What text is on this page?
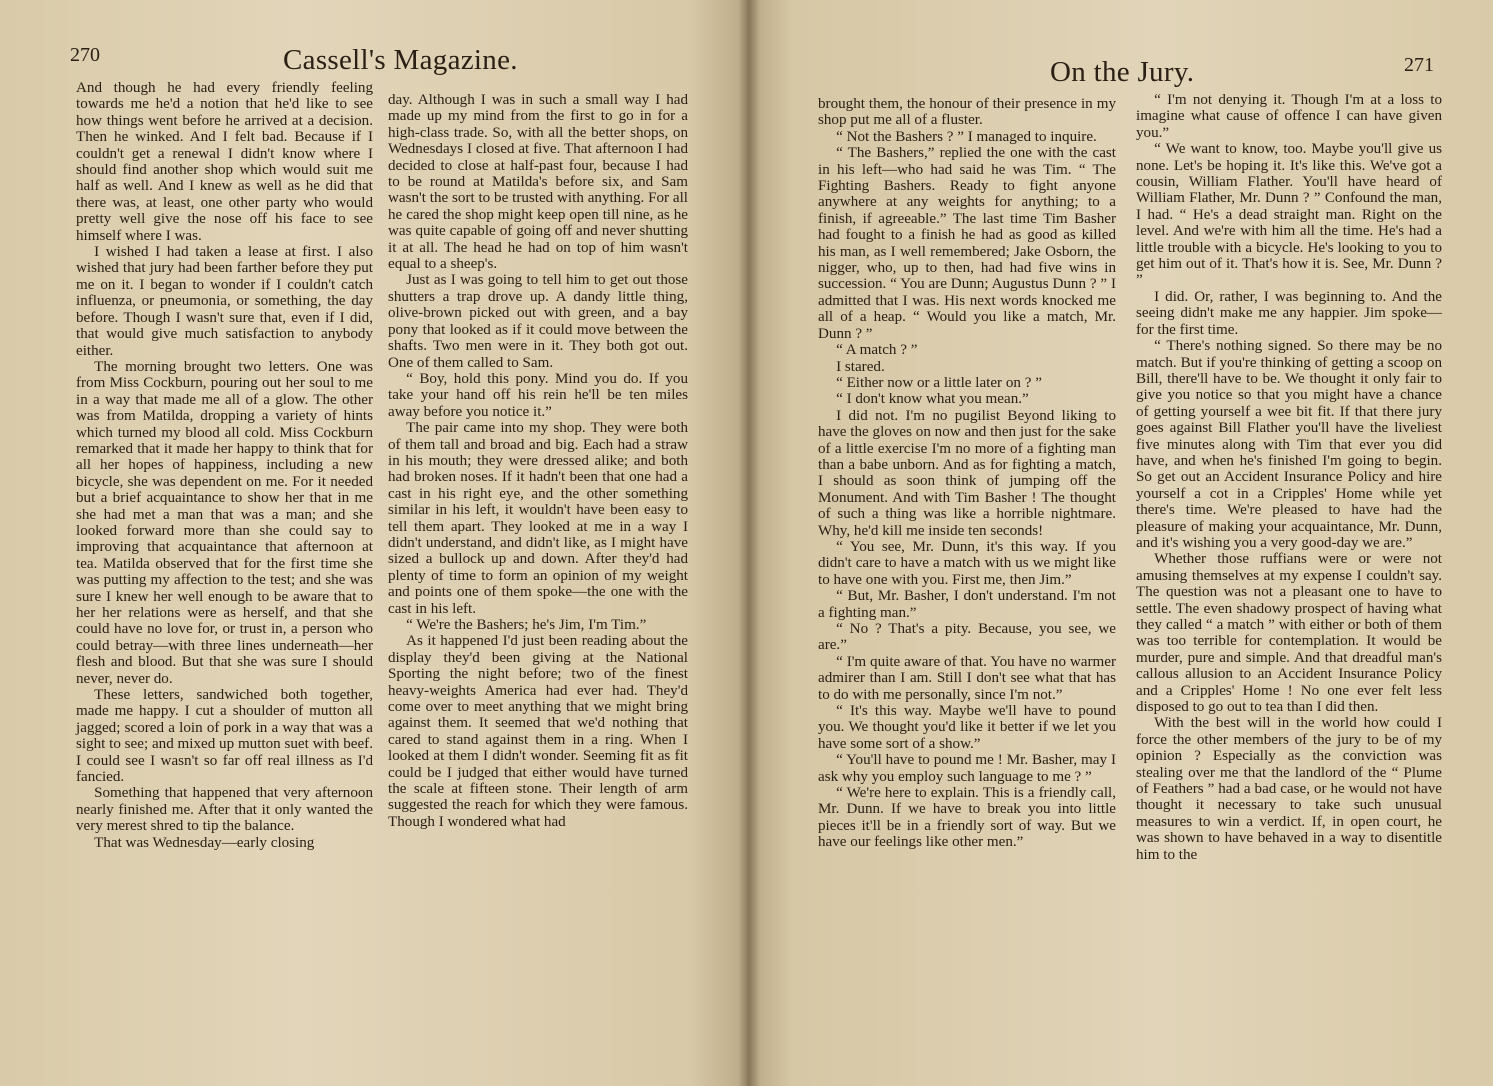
270	Cassell's Magazine.

And though he had every friendly feeling towards me he'd a notion that he'd like to see how things went before he arrived at a decision. Then he winked. And I felt bad. Because if I couldn't get a renewal I didn't know where I should find another shop which would suit me half as well. And I knew as well as he did that there was, at least, one other party who would pretty well give the nose off his face to see himself where I was.

I wished I had taken a lease at first. I also wished that jury had been farther before they put me on it. I began to wonder if I couldn't catch influenza, or pneumonia, or something, the day before. Though I wasn't sure that, even if I did, that would give much satisfaction to anybody either.

The morning brought two letters. One was from Miss Cockburn, pouring out her soul to me in a way that made me all of a glow. The other was from Matilda, dropping a variety of hints which turned my blood all cold. Miss Cockburn remarked that it made her happy to think that for all her hopes of happiness, including a new bicycle, she was dependent on me. For it needed but a brief acquaintance to show her that in me she had met a man that was a man; and she looked forward more than she could say to improving that acquaintance that afternoon at tea. Matilda observed that for the first time she was putting my affection to the test; and she was sure I knew her well enough to be aware that to her her relations were as herself, and that she could have no love for, or trust in, a person who could betray—with three lines underneath—her flesh and blood. But that she was sure I should never, never do.

These letters, sandwiched both together, made me happy. I cut a shoulder of mutton all jagged; scored a loin of pork in a way that was a sight to see; and mixed up mutton suet with beef. I could see I wasn't so far off real illness as I'd fancied.

Something that happened that very afternoon nearly finished me. After that it only wanted the very merest shred to tip the balance.

That was Wednesday—early closing

day. Although I was in such a small way I had made up my mind from the first to go in for a high-class trade. So, with all the better shops, on Wednesdays I closed at five. That afternoon I had decided to close at half-past four, because I had to be round at Matilda's before six, and Sam wasn't the sort to be trusted with anything. For all he cared the shop might keep open till nine, as he was quite capable of going off and never shutting it at all. The head he had on top of him wasn't equal to a sheep's.

Just as I was going to tell him to get out those shutters a trap drove up. A dandy little thing, olive-brown picked out with green, and a bay pony that looked as if it could move between the shafts. Two men were in it. They both got out. One of them called to Sam.

“ Boy, hold this pony. Mind you do. If you take your hand off his rein he'll be ten miles away before you notice it.”

The pair came into my shop. They were both of them tall and broad and big. Each had a straw in his mouth; they were dressed alike; and both had broken noses. If it hadn't been that one had a cast in his right eye, and the other something similar in his left, it wouldn't have been easy to tell them apart. They looked at me in a way I didn't understand, and didn't like, as I might have sized a bullock up and down. After they'd had plenty of time to form an opinion of my weight and points one of them spoke—the one with the cast in his left.

“ We're the Bashers; he's Jim, I'm Tim.”

As it happened I'd just been reading about the display they'd been giving at the National Sporting the night before; two of the finest heavy-weights America had ever had. They'd come over to meet anything that we might bring against them. It seemed that we'd nothing that cared to stand against them in a ring. When I looked at them I didn't wonder. Seeming fit as fit could be I judged that either would have turned the scale at fifteen stone. Their length of arm suggested the reach for which they were famous. Though I wondered what had

On the Jury.	271

brought them, the honour of their presence in my shop put me all of a fluster.

“ Not the Bashers ? ” I managed to inquire.

“ The Bashers,” replied the one with the cast in his left—who had said he was Tim. “ The Fighting Bashers. Ready to fight anyone anywhere at any weights for anything; to a finish, if agreeable.” The last time Tim Basher had fought to a finish he had as good as killed his man, as I well remembered; Jake Osborn, the nigger, who, up to then, had had five wins in succession. “ You are Dunn; Augustus Dunn ? ” I admitted that I was. His next words knocked me all of a heap. “ Would you like a match, Mr. Dunn ? ”

“ A match ? ”

I stared.

“ Either now or a little later on ? ”

“ I don't know what you mean.”

I did not. I'm no pugilist Beyond liking to have the gloves on now and then just for the sake of a little exercise I'm no more of a fighting man than a babe unborn. And as for fighting a match, I should as soon think of jumping off the Monument. And with Tim Basher ! The thought of such a thing was like a horrible nightmare. Why, he'd kill me inside ten seconds!

“ You see, Mr. Dunn, it's this way. If you didn't care to have a match with us we might like to have one with you. First me, then Jim.”

“ But, Mr. Basher, I don't understand. I'm not a fighting man.”

“ No ? That's a pity. Because, you see, we are.”

“ I'm quite aware of that. You have no warmer admirer than I am. Still I don't see what that has to do with me personally, since I'm not.”

“ It's this way. Maybe we'll have to pound you. We thought you'd like it better if we let you have some sort of a show.”

“ You'll have to pound me ! Mr. Basher, may I ask why you employ such language to me ? ”

“ We're here to explain. This is a friendly call, Mr. Dunn. If we have to break you into little pieces it'll be in a friendly sort of way. But we have our feelings like other men.”

“ I'm not denying it. Though I'm at a loss to imagine what cause of offence I can have given you.”

“ We want to know, too. Maybe you'll give us none. Let's be hoping it. It's like this. We've got a cousin, William Flather. You'll have heard of William Flather, Mr. Dunn ? ” Confound the man, I had. “ He's a dead straight man. Right on the level. And we're with him all the time. He's had a little trouble with a bicycle. He's looking to you to get him out of it. That's how it is. See, Mr. Dunn ? ”

I did. Or, rather, I was beginning to. And the seeing didn't make me any happier. Jim spoke—for the first time.

“ There's nothing signed. So there may be no match. But if you're thinking of getting a scoop on Bill, there'll have to be. We thought it only fair to give you notice so that you might have a chance of getting yourself a wee bit fit. If that there jury goes against Bill Flather you'll have the liveliest five minutes along with Tim that ever you did have, and when he's finished I'm going to begin. So get out an Accident Insurance Policy and hire yourself a cot in a Cripples' Home while yet there's time. We're pleased to have had the pleasure of making your acquaintance, Mr. Dunn, and it's wishing you a very good-day we are.”

Whether those ruffians were or were not amusing themselves at my expense I couldn't say. The question was not a pleasant one to have to settle. The even shadowy prospect of having what they called “ a match ” with either or both of them was too terrible for contemplation. It would be murder, pure and simple. And that dreadful man's callous allusion to an Accident Insurance Policy and a Cripples' Home ! No one ever felt less disposed to go out to tea than I did then.

With the best will in the world how could I force the other members of the jury to be of my opinion ? Especially as the conviction was stealing over me that the landlord of the “ Plume of Feathers ” had a bad case, or he would not have thought it necessary to take such unusual measures to win a verdict. If, in open court, he was shown to have behaved in a way to disentitle him to the
